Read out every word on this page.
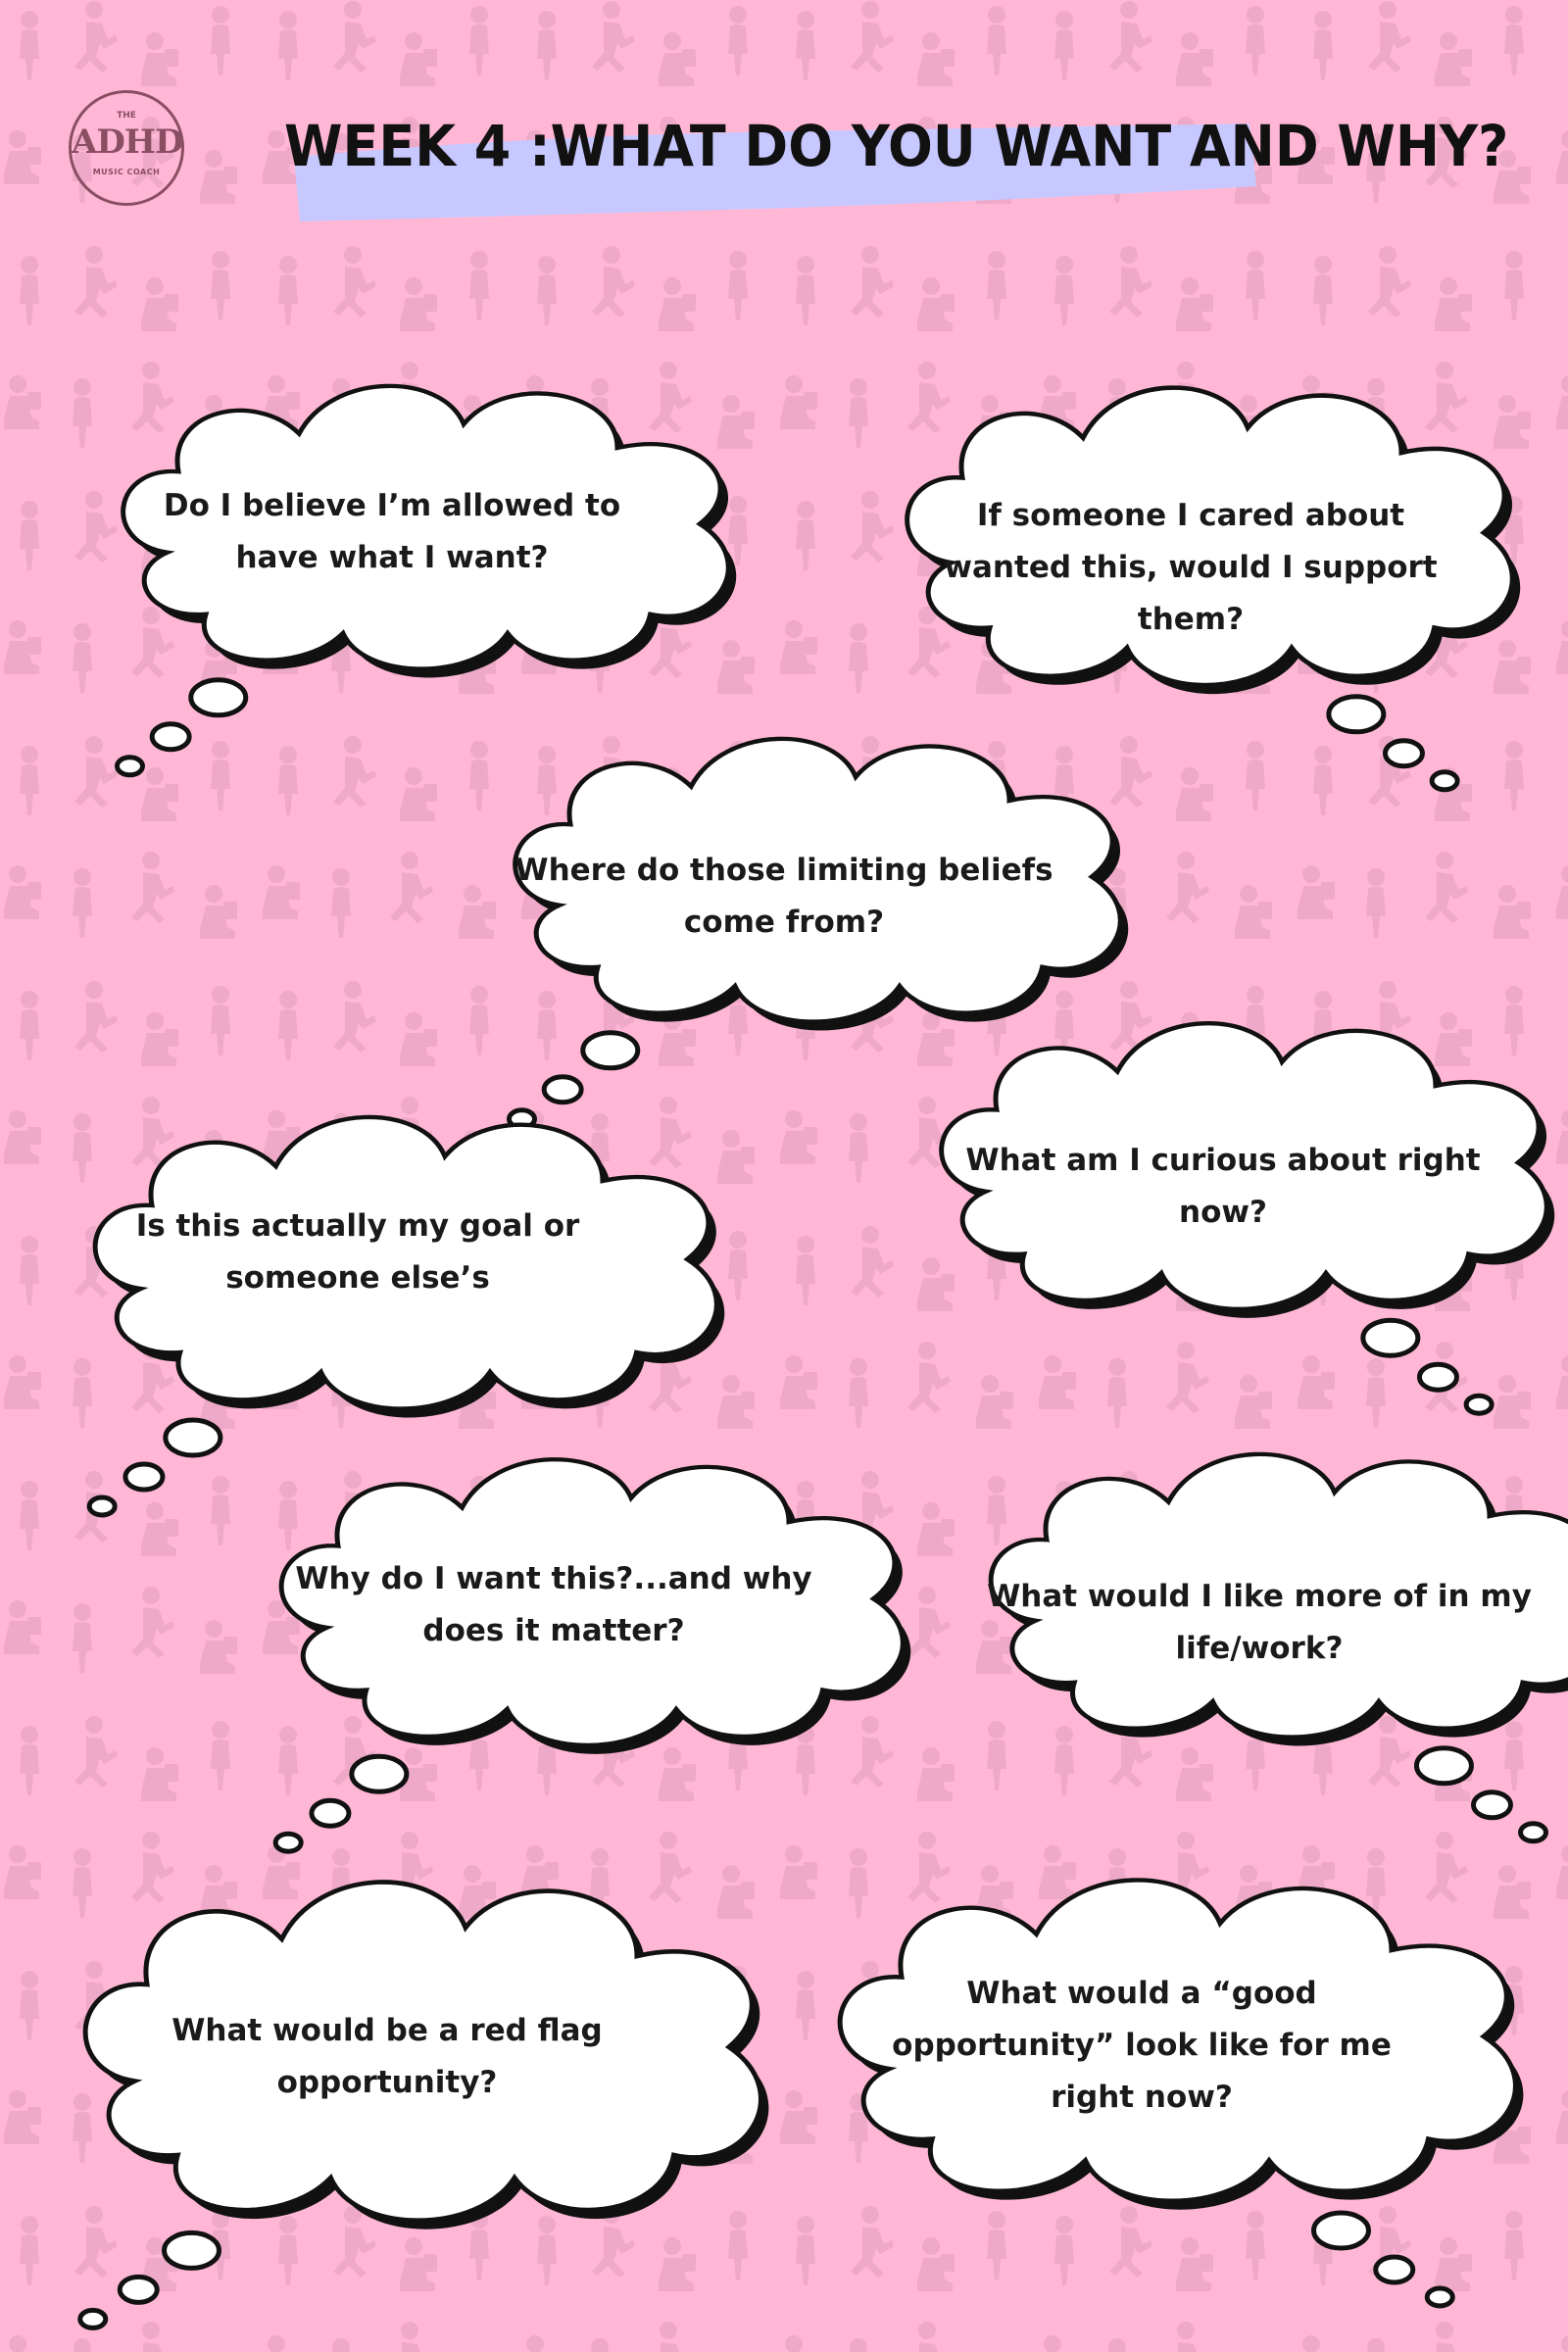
THE
ADHD
MUSIC COACH	WEEK 4 :WHAT DO YOU WANT AND WHY?
Do I believe I’m allowed to have what I want?
If someone I cared about wanted this, would I support them?
Where do those limiting beliefs come from?
What am I curious about right now?
Is this actually my goal or someone else’s
Why do I want this?...and why does it matter?
What would I like more of in my life/work?
What would be a red flag opportunity?
What would a “good opportunity” look like for me right now?
